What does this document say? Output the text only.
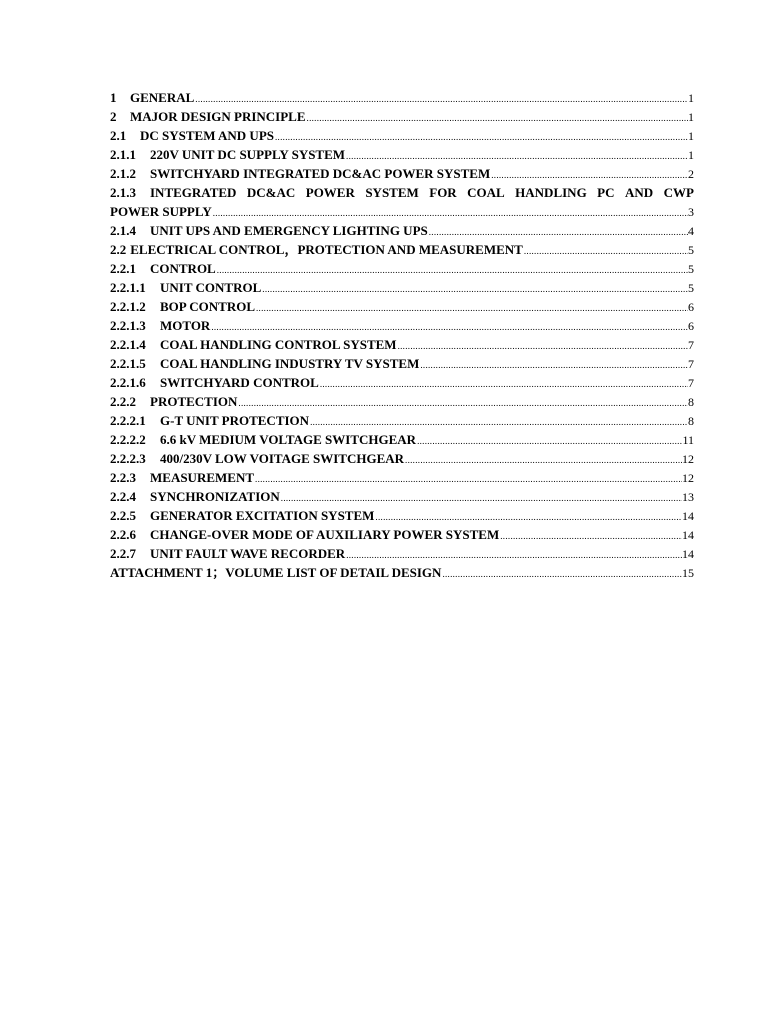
1	GENERAL .....	1
2	MAJOR DESIGN PRINCIPLE .....	1
2.1	DC SYSTEM AND UPS .....	1
2.1.1	220V UNIT DC SUPPLY SYSTEM .....	1
2.1.2	SWITCHYARD INTEGRATED DC&AC POWER SYSTEM .....	2
2.1.3	INTEGRATED DC&AC POWER SYSTEM FOR COAL HANDLING PC AND CWP
POWER SUPPLY .....	3
2.1.4	UNIT UPS AND EMERGENCY LIGHTING UPS .....	4
2.2 ELECTRICAL CONTROL，PROTECTION AND MEASUREMENT .....	5
2.2.1	CONTROL .....	5
2.2.1.1	UNIT CONTROL .....	5
2.2.1.2	BOP CONTROL .....	6
2.2.1.3	MOTOR .....	6
2.2.1.4	COAL HANDLING CONTROL SYSTEM .....	7
2.2.1.5	COAL HANDLING INDUSTRY TV SYSTEM .....	7
2.2.1.6	SWITCHYARD CONTROL .....	7
2.2.2	PROTECTION .....	8
2.2.2.1	G-T UNIT PROTECTION .....	8
2.2.2.2	6.6 kV MEDIUM VOLTAGE SWITCHGEAR .....	11
2.2.2.3	400/230V LOW VOITAGE SWITCHGEAR .....	12
2.2.3	MEASUREMENT .....	12
2.2.4	SYNCHRONIZATION .....	13
2.2.5	GENERATOR EXCITATION SYSTEM .....	14
2.2.6	CHANGE-OVER MODE OF AUXILIARY POWER SYSTEM .....	14
2.2.7	UNIT FAULT WAVE RECORDER .....	14
ATTACHMENT 1；VOLUME LIST OF DETAIL DESIGN .....	15
